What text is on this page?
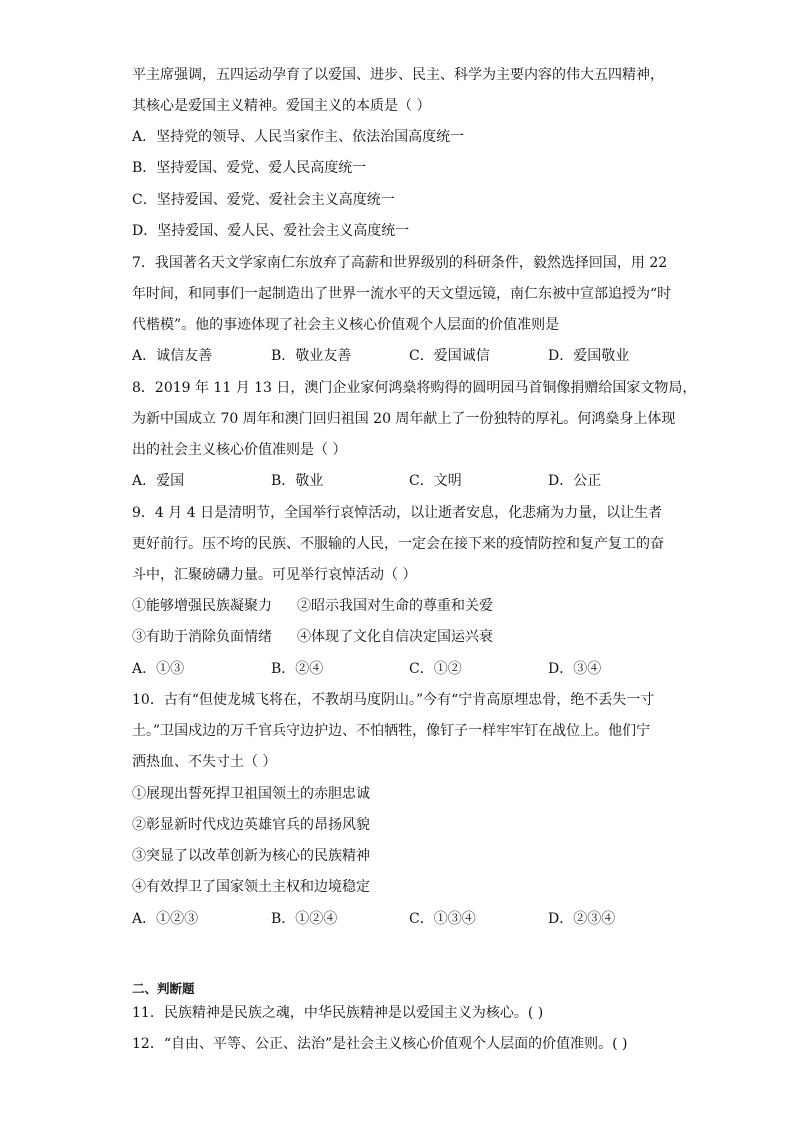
平主席强调，五四运动孕育了以爱国、进步、民主、科学为主要内容的伟大五四精神，
其核心是爱国主义精神。爱国主义的本质是（ ）
A．坚持党的领导、人民当家作主、依法治国高度统一
B．坚持爱国、爱党、爱人民高度统一
C．坚持爱国、爱党、爱社会主义高度统一
D．坚持爱国、爱人民、爱社会主义高度统一
7．我国著名天文学家南仁东放弃了高薪和世界级别的科研条件，毅然选择回国，用 22
年时间，和同事们一起制造出了世界一流水平的天文望远镜，南仁东被中宣部追授为“时
代楷模”。他的事迹体现了社会主义核心价值观个人层面的价值准则是
A．诚信友善	B．敬业友善	C．爱国诚信	D．爱国敬业
8．2019 年 11 月 13 日，澳门企业家何鸿燊将购得的圆明园马首铜像捐赠给国家文物局，
为新中国成立 70 周年和澳门回归祖国 20 周年献上了一份独特的厚礼。何鸿燊身上体现
出的社会主义核心价值准则是（ ）
A．爱国	B．敬业	C．文明	D．公正
9．4 月 4 日是清明节，全国举行哀悼活动，以让逝者安息，化悲痛为力量，以让生者
更好前行。压不垮的民族、不服输的人民，一定会在接下来的疫情防控和复产复工的奋
斗中，汇聚磅礴力量。可见举行哀悼活动（ ）
①能够增强民族凝聚力 ②昭示我国对生命的尊重和关爱
③有助于消除负面情绪 ④体现了文化自信决定国运兴衰
A．①③	B．②④	C．①②	D．③④
10．古有“但使龙城飞将在，不教胡马度阴山。”今有“宁肯高原埋忠骨，绝不丢失一寸
土。”卫国戍边的万千官兵守边护边、不怕牺牲，像钉子一样牢牢钉在战位上。他们宁
洒热血、不失寸土（ ）
①展现出誓死捍卫祖国领土的赤胆忠诚
②彰显新时代戍边英雄官兵的昂扬风貌
③突显了以改革创新为核心的民族精神
④有效捍卫了国家领土主权和边境稳定
A．①②③	B．①②④	C．①③④	D．②③④
二、判断题
11．民族精神是民族之魂，中华民族精神是以爱国主义为核心。( )
12．“自由、平等、公正、法治”是社会主义核心价值观个人层面的价值准则。( )
